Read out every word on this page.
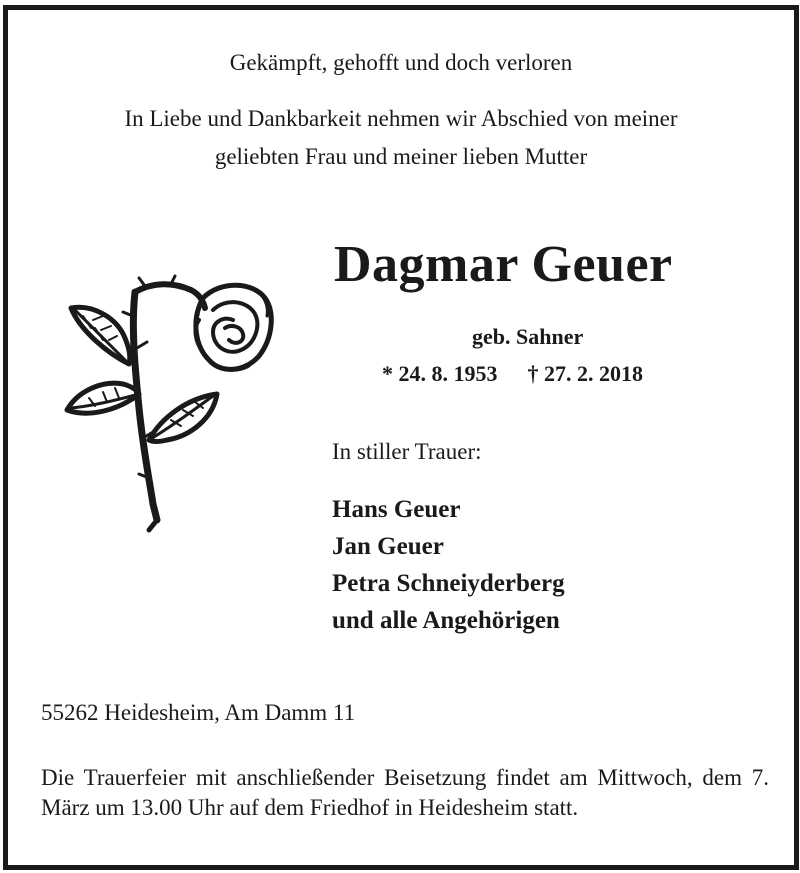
Gekämpft, gehofft und doch verloren
In Liebe und Dankbarkeit nehmen wir Abschied von meiner
geliebten Frau und meiner lieben Mutter
Dagmar Geuer
geb. Sahner
* 24. 8. 1953 † 27. 2. 2018
In stiller Trauer:
Hans Geuer
Jan Geuer
Petra Schneiyderberg
und alle Angehörigen
55262 Heidesheim, Am Damm 11
Die Trauerfeier mit anschließender Beisetzung findet am Mittwoch, dem 7. März um 13.00 Uhr auf dem Friedhof in Heidesheim statt.
